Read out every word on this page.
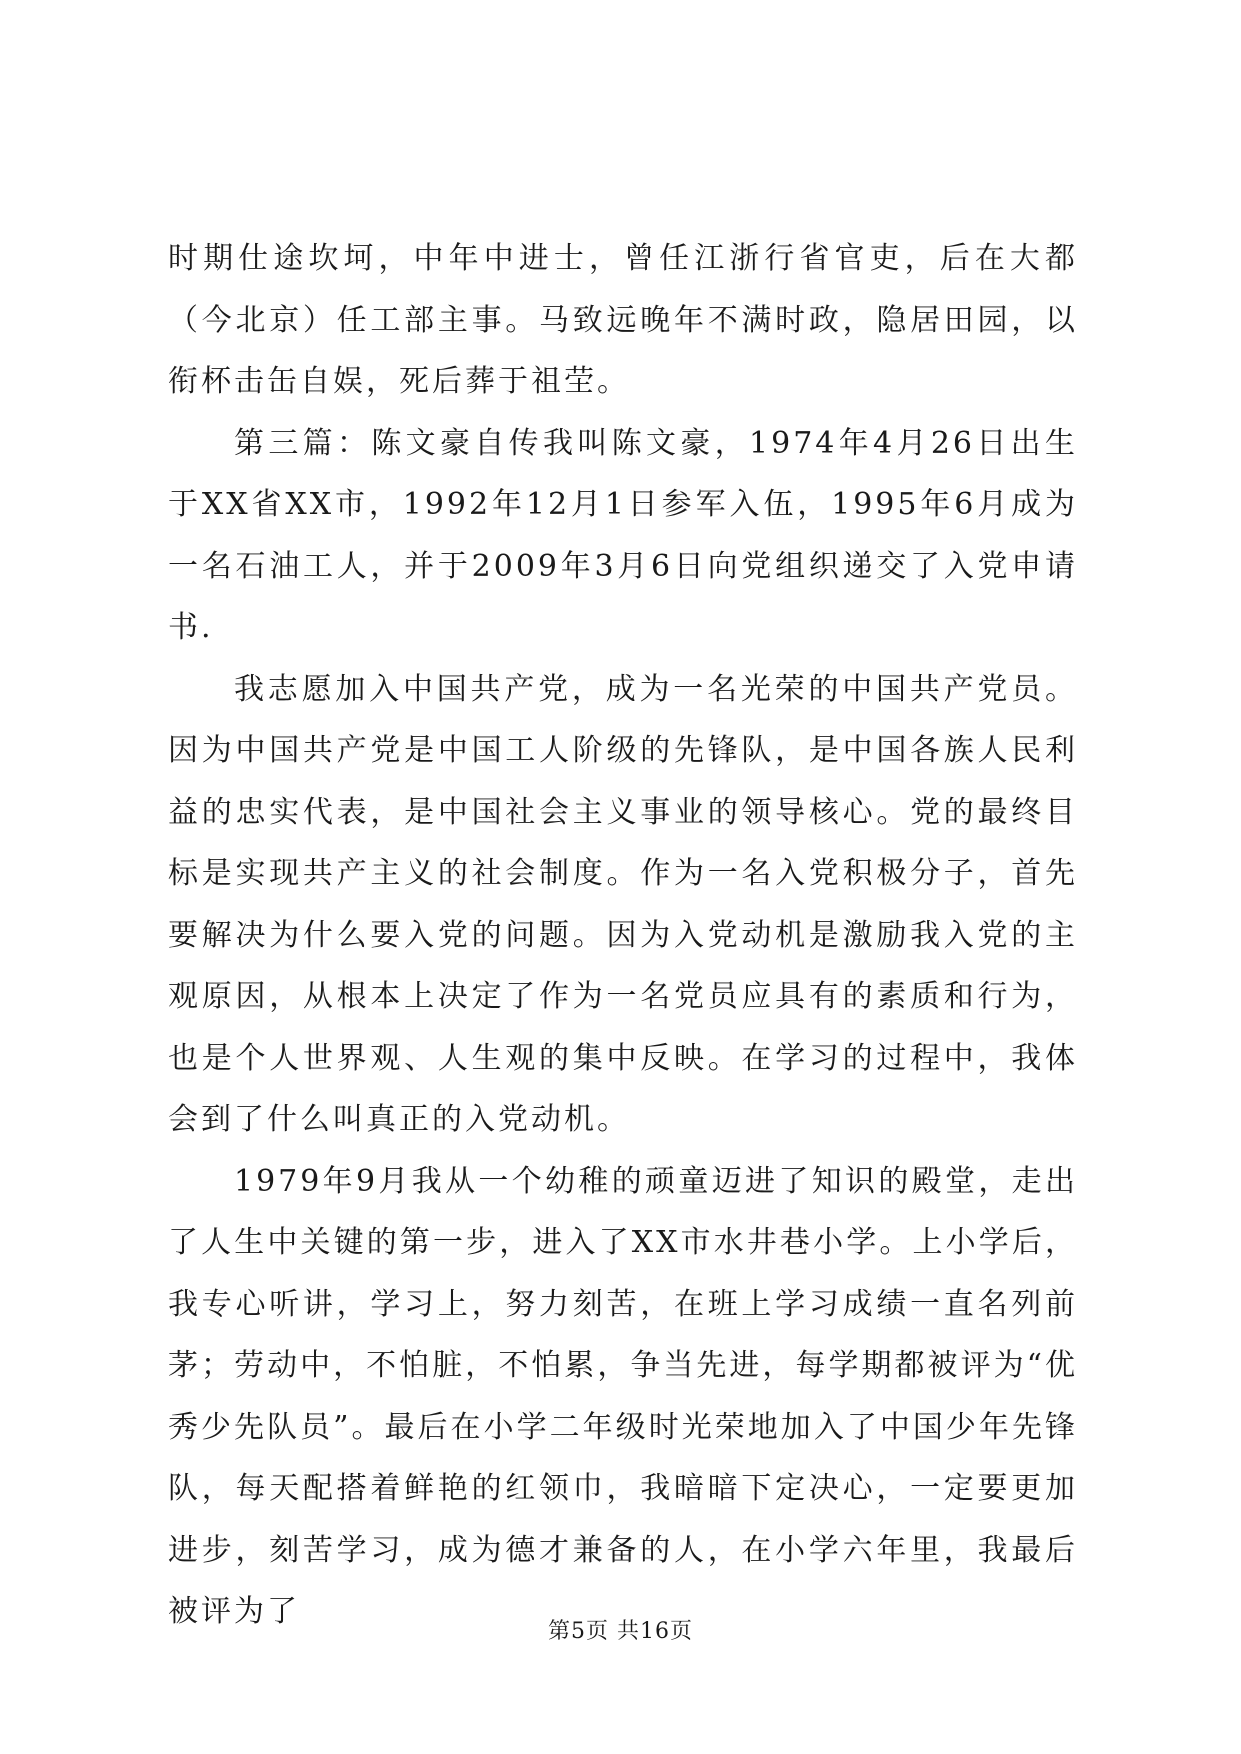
时期仕途坎坷，中年中进士，曾任江浙行省官吏，后在大都（今北京）任工部主事。马致远晚年不满时政，隐居田园，以衔杯击缶自娱，死后葬于祖茔。

第三篇：陈文豪自传我叫陈文豪，1974年4月26日出生于XX省XX市，1992年12月1日参军入伍，1995年6月成为一名石油工人，并于2009年3月6日向党组织递交了入党申请书.

我志愿加入中国共产党，成为一名光荣的中国共产党员。因为中国共产党是中国工人阶级的先锋队，是中国各族人民利益的忠实代表，是中国社会主义事业的领导核心。党的最终目标是实现共产主义的社会制度。作为一名入党积极分子，首先要解决为什么要入党的问题。因为入党动机是激励我入党的主观原因，从根本上决定了作为一名党员应具有的素质和行为，也是个人世界观、人生观的集中反映。在学习的过程中，我体会到了什么叫真正的入党动机。

1979年9月我从一个幼稚的顽童迈进了知识的殿堂，走出了人生中关键的第一步，进入了XX市水井巷小学。上小学后，我专心听讲，学习上，努力刻苦，在班上学习成绩一直名列前茅；劳动中，不怕脏，不怕累，争当先进，每学期都被评为“优秀少先队员”。最后在小学二年级时光荣地加入了中国少年先锋队，每天配搭着鲜艳的红领巾，我暗暗下定决心，一定要更加进步，刻苦学习，成为德才兼备的人，在小学六年里，我最后被评为了

第5页 共16页
